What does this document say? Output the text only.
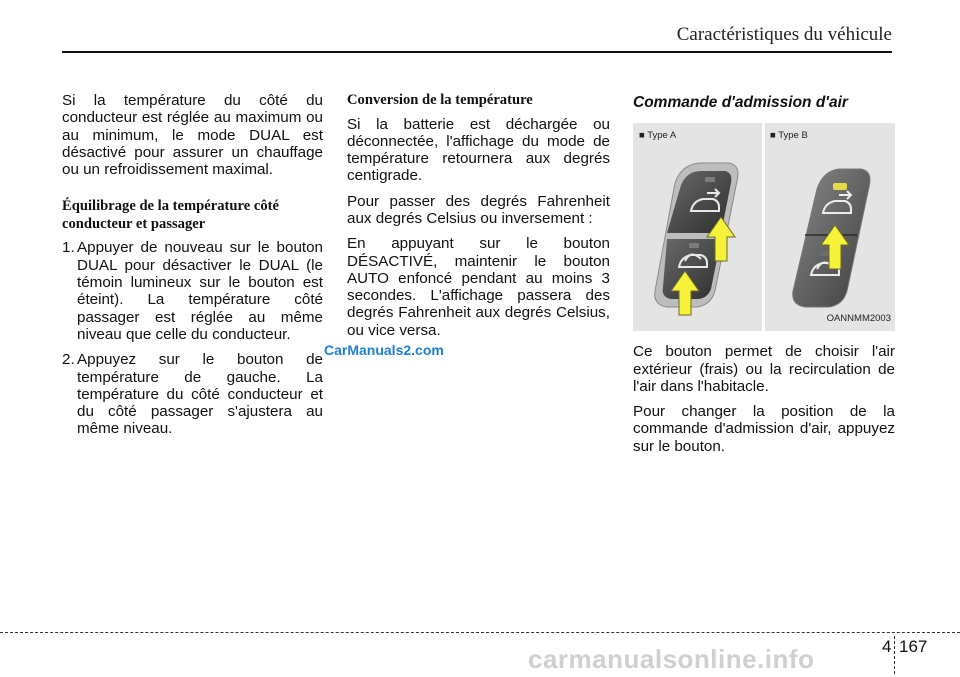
Caractéristiques du véhicule

Si la température du côté du conducteur est réglée au maximum ou au minimum, le mode DUAL est désactivé pour assurer un chauffage ou un refroidissement maximal.

Équilibrage de la température côté
conducteur et passager
1. Appuyer de nouveau sur le bouton DUAL pour désactiver le DUAL (le témoin lumineux sur le bouton est éteint). La température côté passager est réglée au même niveau que celle du conducteur.
2. Appuyez sur le bouton de température de gauche. La température du côté conducteur et du côté passager s'ajustera au même niveau.
Conversion de la température

Si la batterie est déchargée ou déconnectée, l'affichage du mode de température retournera aux degrés centigrade.

Pour passer des degrés Fahrenheit aux degrés Celsius ou inversement :

En appuyant sur le bouton DÉSACTIVÉ, maintenir le bouton AUTO enfoncé pendant au moins 3 secondes. L'affichage passera des degrés Fahrenheit aux degrés Celsius, ou vice versa.

Commande d'admission d'air
■ Type A	■ Type B
OANNMM2003

Ce bouton permet de choisir l'air extérieur (frais) ou la recirculation de l'air dans l'habitacle.

Pour changer la position de la commande d'admission d'air, appuyez sur le bouton.

CarManuals2.com
4 167
carmanualsonline.info
